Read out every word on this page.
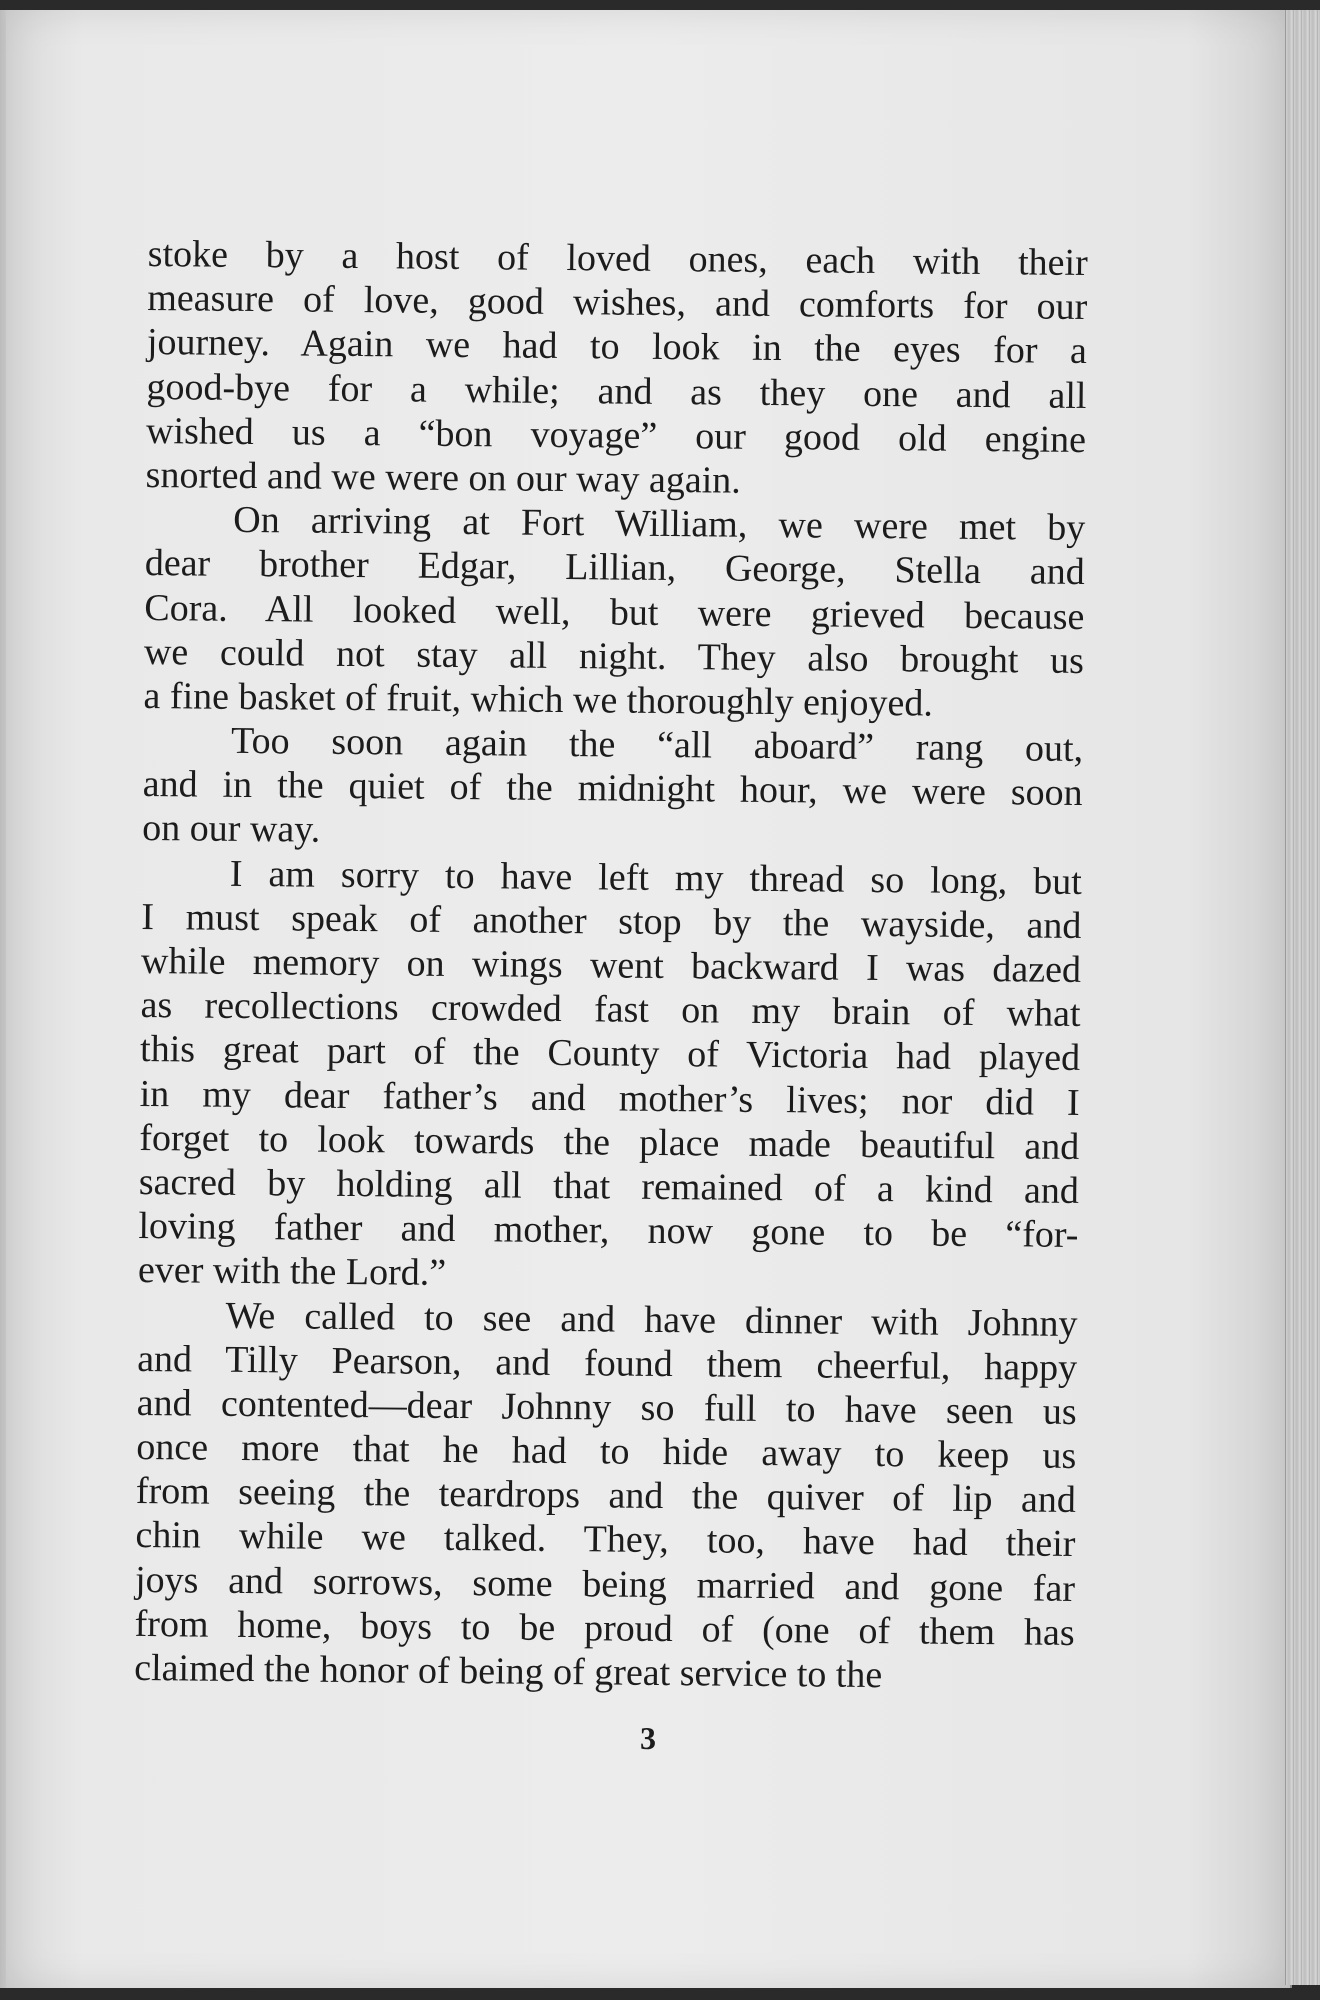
stoke by a host of loved ones, each with their
measure of love, good wishes, and comforts for our
journey. Again we had to look in the eyes for a
good-bye for a while; and as they one and all
wished us a “bon voyage” our good old engine
snorted and we were on our way again.
On arriving at Fort William, we were met by
dear brother Edgar, Lillian, George, Stella and
Cora. All looked well, but were grieved because
we could not stay all night. They also brought us
a fine basket of fruit, which we thoroughly enjoyed.
Too soon again the “all aboard” rang out,
and in the quiet of the midnight hour, we were soon
on our way.
I am sorry to have left my thread so long, but
I must speak of another stop by the wayside, and
while memory on wings went backward I was dazed
as recollections crowded fast on my brain of what
this great part of the County of Victoria had played
in my dear father’s and mother’s lives; nor did I
forget to look towards the place made beautiful and
sacred by holding all that remained of a kind and
loving father and mother, now gone to be “for-
ever with the Lord.”
We called to see and have dinner with Johnny
and Tilly Pearson, and found them cheerful, happy
and contented—dear Johnny so full to have seen us
once more that he had to hide away to keep us
from seeing the teardrops and the quiver of lip and
chin while we talked. They, too, have had their
joys and sorrows, some being married and gone far
from home, boys to be proud of (one of them has
claimed the honor of being of great service to the
3
